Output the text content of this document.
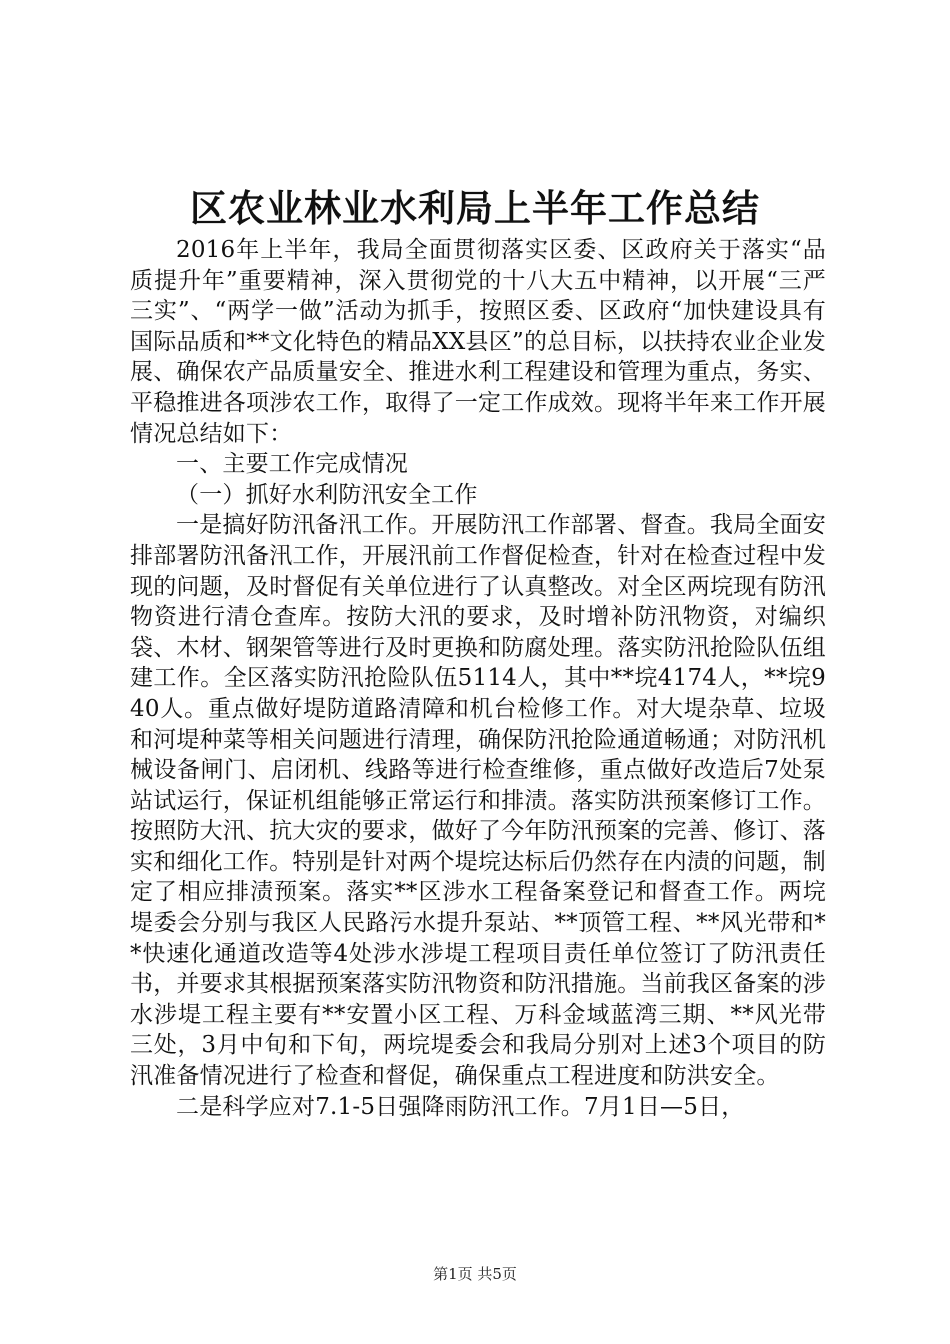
区农业林业水利局上半年工作总结

2016年上半年，我局全面贯彻落实区委、区政府关于落实“品质提升年”重要精神，深入贯彻党的十八大五中精神，以开展“三严三实”、“两学一做”活动为抓手，按照区委、区政府“加快建设具有国际品质和**文化特色的精品XX县区”的总目标，以扶持农业企业发展、确保农产品质量安全、推进水利工程建设和管理为重点，务实、平稳推进各项涉农工作，取得了一定工作成效。现将半年来工作开展情况总结如下：

一、主要工作完成情况

（一）抓好水利防汛安全工作

一是搞好防汛备汛工作。开展防汛工作部署、督查。我局全面安排部署防汛备汛工作，开展汛前工作督促检查，针对在检查过程中发现的问题，及时督促有关单位进行了认真整改。对全区两垸现有防汛物资进行清仓查库。按防大汛的要求，及时增补防汛物资，对编织袋、木材、钢架管等进行及时更换和防腐处理。落实防汛抢险队伍组建工作。全区落实防汛抢险队伍5114人，其中**垸4174人，**垸940人。重点做好堤防道路清障和机台检修工作。对大堤杂草、垃圾和河堤种菜等相关问题进行清理，确保防汛抢险通道畅通；对防汛机械设备闸门、启闭机、线路等进行检查维修，重点做好改造后7处泵站试运行，保证机组能够正常运行和排渍。落实防洪预案修订工作。按照防大汛、抗大灾的要求，做好了今年防汛预案的完善、修订、落实和细化工作。特别是针对两个堤垸达标后仍然存在内渍的问题，制定了相应排渍预案。落实**区涉水工程备案登记和督查工作。两垸堤委会分别与我区人民路污水提升泵站、**顶管工程、**风光带和**快速化通道改造等4处涉水涉堤工程项目责任单位签订了防汛责任书，并要求其根据预案落实防汛物资和防汛措施。当前我区备案的涉水涉堤工程主要有**安置小区工程、万科金域蓝湾三期、**风光带三处，3月中旬和下旬，两垸堤委会和我局分别对上述3个项目的防汛准备情况进行了检查和督促，确保重点工程进度和防洪安全。

二是科学应对7.1-5日强降雨防汛工作。7月1日—5日，

第1页 共5页
